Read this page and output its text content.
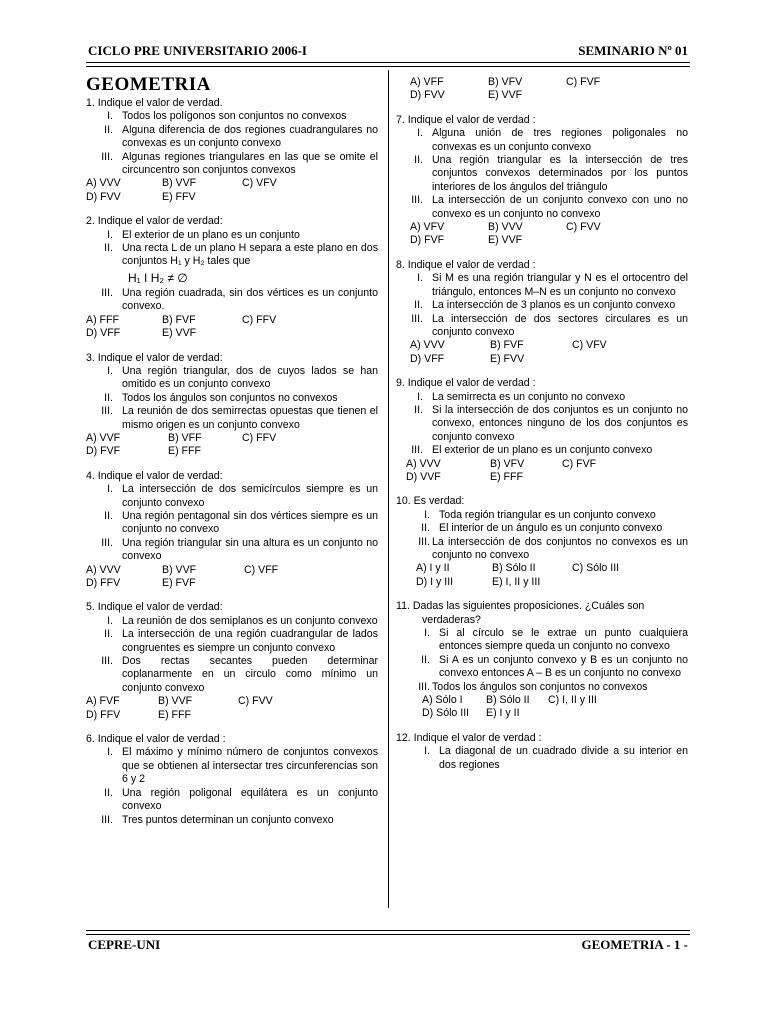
CICLO PRE UNIVERSITARIO 2006-I	SEMINARIO Nº 01
GEOMETRIA
1. Indique el valor de verdad.
I. Todos los polígonos son conjuntos no convexos
II. Alguna diferencia de dos regiones cuadrangulares no convexas es un conjunto convexo
III. Algunas regiones triangulares en las que se omite el circuncentro son conjuntos convexos
A) VVV	B) VVF	C) VFV
D) FVV	E) FFV
2. Indique el valor de verdad:
I. El exterior de un plano es un conjunto
II. Una recta L de un plano H separa a este plano en dos conjuntos H₁ y H₂ tales que
H₁ I H₂ ≠ ∅
III. Una región cuadrada, sin dos vértices es un conjunto convexo.
A) FFF	B) FVF	C) FFV
D) VFF	E) VVF
3. Indique el valor de verdad:
I. Una región triangular, dos de cuyos lados se han omitido es un conjunto convexo
II. Todos los ángulos son conjuntos no convexos
III. La reunión de dos semirrectas opuestas que tienen el mismo origen es un conjunto convexo
A) VVF	B) VFF	C) FFV
D) FVF	E) FFF
4. Indique el valor de verdad:
I. La intersección de dos semicírculos siempre es un conjunto convexo
II. Una región pentagonal sin dos vértices siempre es un conjunto no convexo
III. Una región triangular sin una altura es un conjunto no convexo
A) VVV	B) VVF	C) VFF
D) FFV	E) FVF
5. Indique el valor de verdad:
I. La reunión de dos semiplanos es un conjunto convexo
II. La intersección de una región cuadrangular de lados congruentes es siempre un conjunto convexo
III. Dos rectas secantes pueden determinar coplanarmente en un circulo como mínimo un conjunto convexo
A) FVF	B) VVF	C) FVV
D) FFV	E) FFF
6. Indique el valor de verdad :
I. El máximo y mínimo número de conjuntos convexos que se obtienen al intersectar tres circunferencias son 6 y 2
II. Una región poligonal equilátera es un conjunto convexo
III. Tres puntos determinan un conjunto convexo
A) VFF	B) VFV	C) FVF
D) FVV	E) VVF
7. Indique el valor de verdad :
I. Alguna unión de tres regiones poligonales no convexas es un conjunto convexo
II. Una región triangular es la intersección de tres conjuntos convexos determinados por los puntos interiores de los ángulos del triángulo
III. La intersección de un conjunto convexo con uno no convexo es un conjunto no convexo
A) VFV	B) VVV	C) FVV
D) FVF	E) VVF
8. Indique el valor de verdad :
I. Si M es una región triangular y N es el ortocentro del triángulo, entonces M–N es un conjunto no convexo
II. La intersección de 3 planos es un conjunto convexo
III. La intersección de dos sectores circulares es un conjunto convexo
A) VVV	B) FVF	C) VFV
D) VFF	E) FVV
9. Indique el valor de verdad :
I. La semirrecta es un conjunto no convexo
II. Si la intersección de dos conjuntos es un conjunto no convexo, entonces ninguno de los dos conjuntos es conjunto convexo
III. El exterior de un plano es un conjunto convexo
A) VVV	B) VFV	C) FVF
D) VVF	E) FFF
10. Es verdad:
I. Toda región triangular es un conjunto convexo
II. El interior de un ángulo es un conjunto convexo
III. La intersección de dos conjuntos no convexos es un conjunto no convexo
A) I y II	B) Sólo II	C) Sólo III
D) I y III	E) I, II y III
11. Dadas las siguientes proposiciones. ¿Cuáles son verdaderas?
I. Si al círculo se le extrae un punto cualquiera entonces siempre queda un conjunto no convexo
II. Si A es un conjunto convexo y B es un conjunto no convexo entonces A – B es un conjunto no convexo
III. Todos los ángulos son conjuntos no convexos
A) Sólo I	B) Sólo II	C) I, II y III
D) Sólo III	E) I y II
12. Indique el valor de verdad :
I. La diagonal de un cuadrado divide a su interior en dos regiones
CEPRE-UNI	GEOMETRIA - 1 -
